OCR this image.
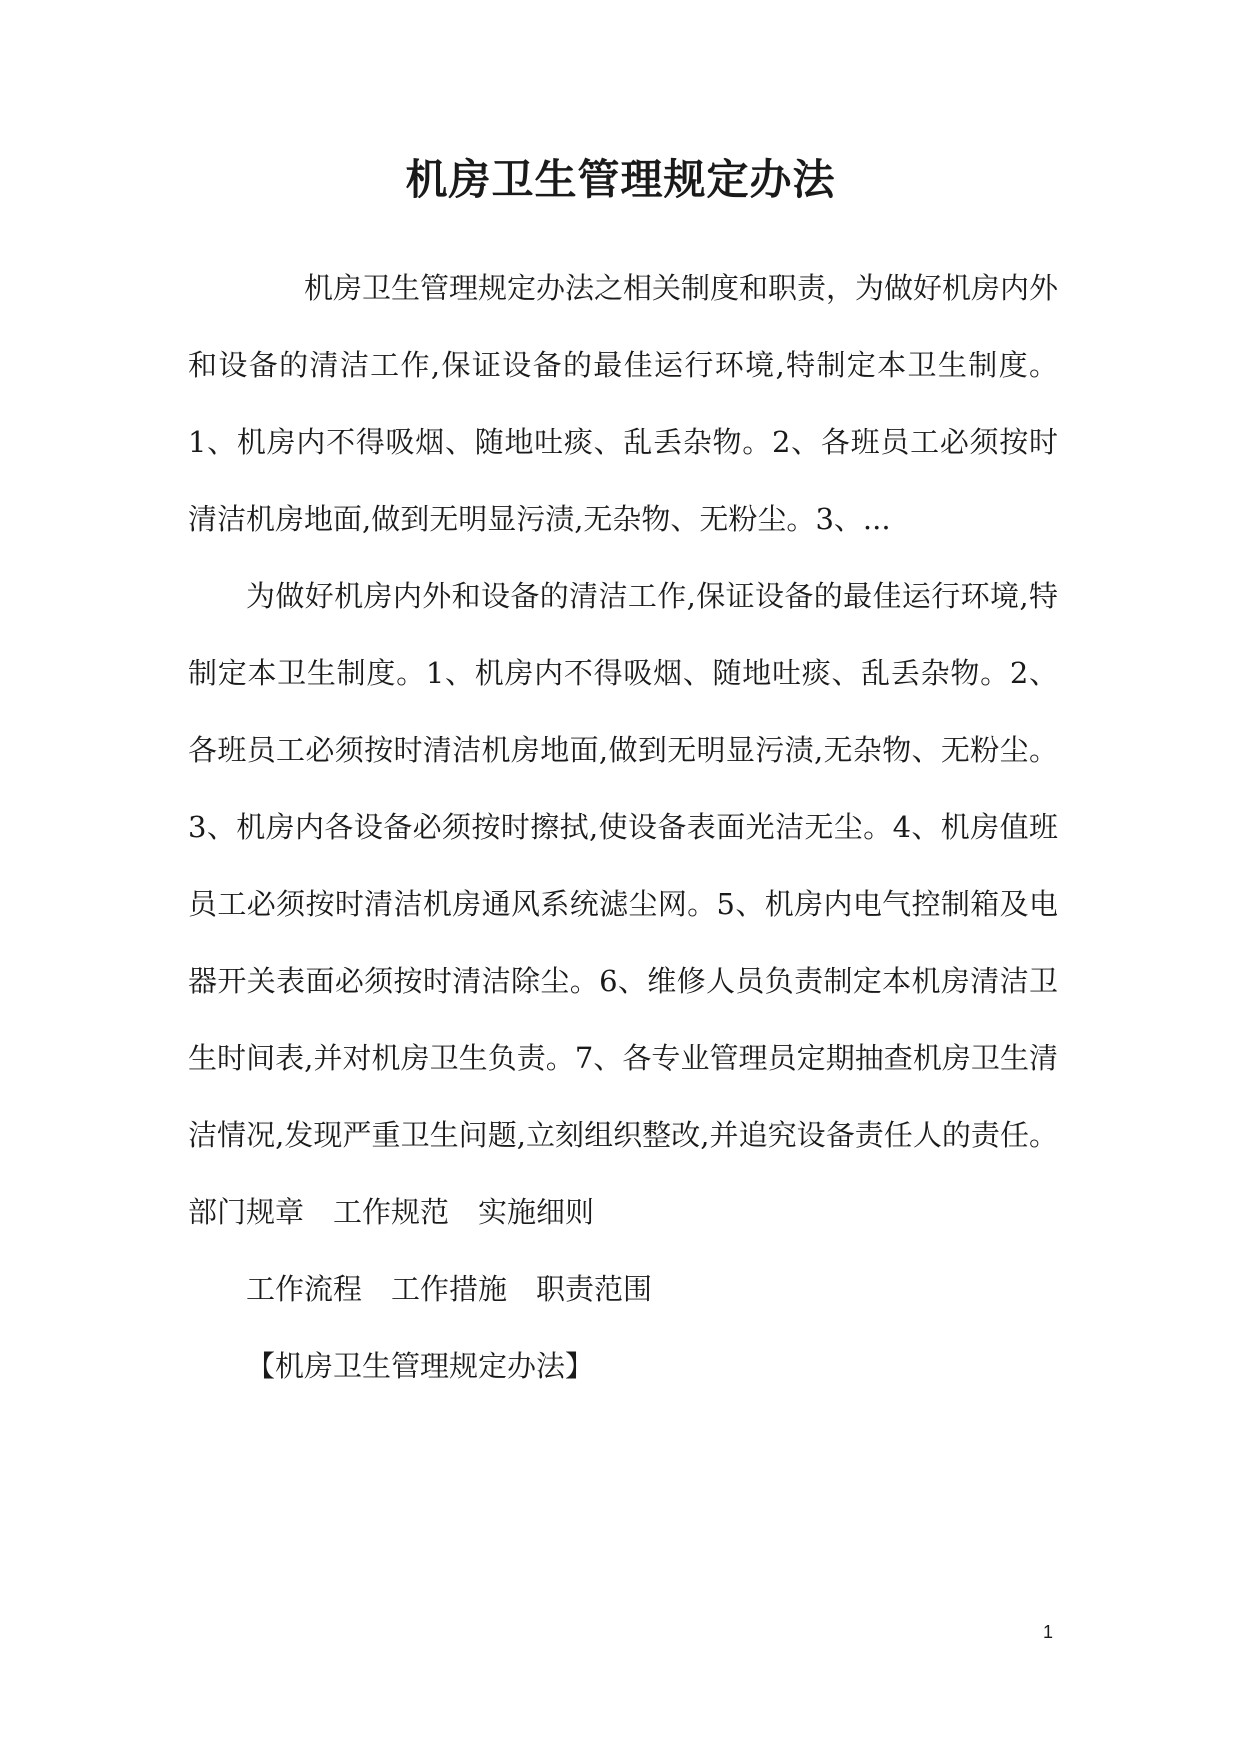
机房卫生管理规定办法

机房卫生管理规定办法之相关制度和职责，为做好机房内外和设备的清洁工作,保证设备的最佳运行环境,特制定本卫生制度。1、机房内不得吸烟、随地吐痰、乱丢杂物。2、各班员工必须按时清洁机房地面,做到无明显污渍,无杂物、无粉尘。3、...

为做好机房内外和设备的清洁工作,保证设备的最佳运行环境,特制定本卫生制度。1、机房内不得吸烟、随地吐痰、乱丢杂物。2、各班员工必须按时清洁机房地面,做到无明显污渍,无杂物、无粉尘。3、机房内各设备必须按时擦拭,使设备表面光洁无尘。4、机房值班员工必须按时清洁机房通风系统滤尘网。5、机房内电气控制箱及电器开关表面必须按时清洁除尘。6、维修人员负责制定本机房清洁卫生时间表,并对机房卫生负责。7、各专业管理员定期抽查机房卫生清洁情况,发现严重卫生问题,立刻组织整改,并追究设备责任人的责任。部门规章　工作规范　实施细则

工作流程　工作措施　职责范围

【机房卫生管理规定办法】

1
